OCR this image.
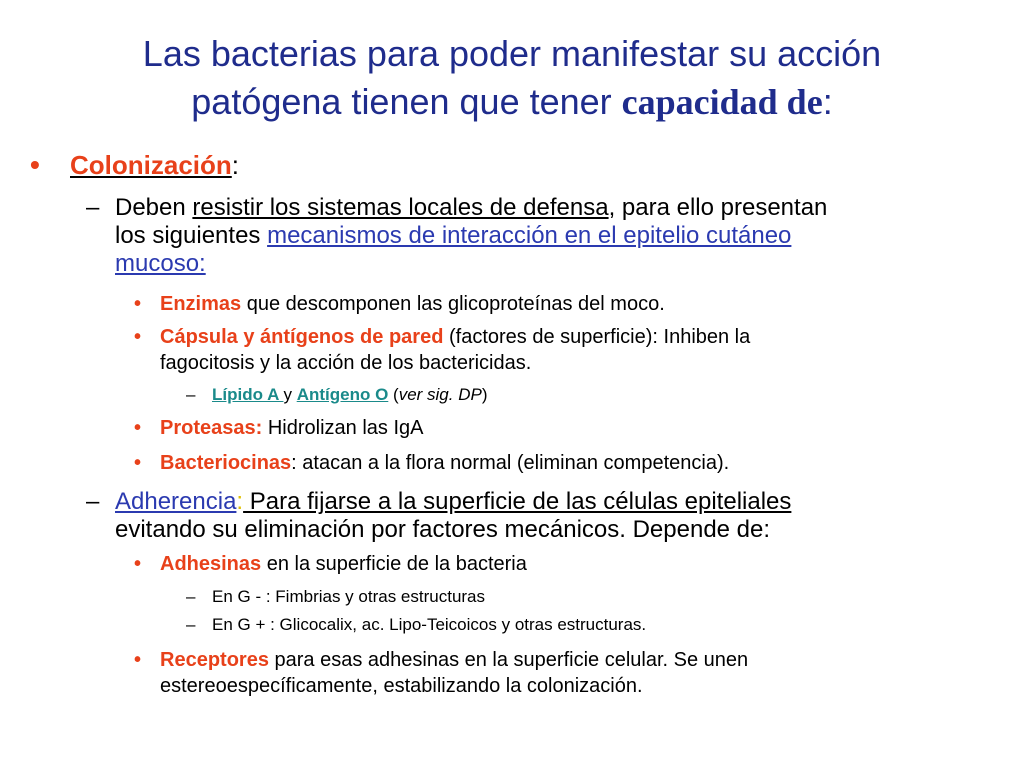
Las bacterias para poder manifestar su acción
patógena tienen que tener capacidad de:
• Colonización:
– Deben resistir los sistemas locales de defensa, para ello presentan
los siguientes mecanismos de interacción en el epitelio cutáneo
mucoso:
• Enzimas que descomponen las glicoproteínas del moco.
• Cápsula y ántígenos de pared (factores de superficie): Inhiben la
fagocitosis y la acción de los bactericidas.
– Lípido A y Antígeno O (ver sig. DP)
• Proteasas: Hidrolizan las IgA
• Bacteriocinas: atacan a la flora normal (eliminan competencia).
– Adherencia: Para fijarse a la superficie de las células epiteliales
evitando su eliminación por factores mecánicos. Depende de:
• Adhesinas en la superficie de la bacteria
– En G - : Fimbrias y otras estructuras
– En G + : Glicocalix, ac. Lipo-Teicoicos y otras estructuras.
• Receptores para esas adhesinas en la superficie celular. Se unen
estereoespecíficamente, estabilizando la colonización.
